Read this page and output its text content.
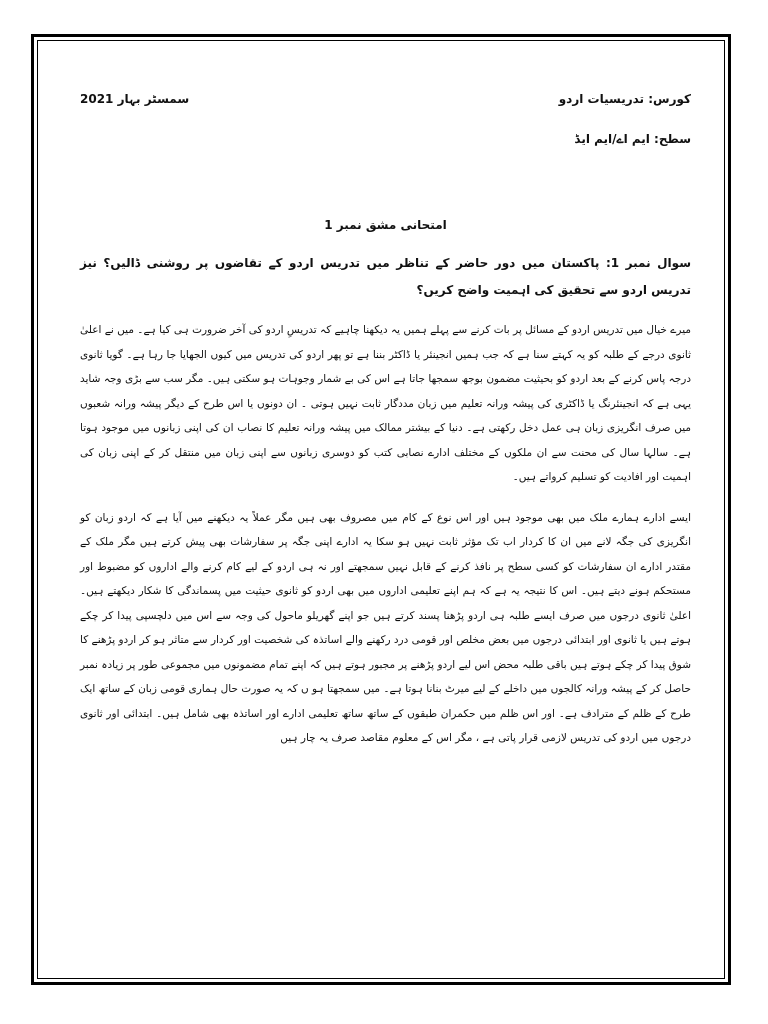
کورس: تدریسیات اردو
سمسٹر بہار 2021
سطح: ایم اے/ایم ایڈ
امتحانی مشق نمبر 1
سوال نمبر 1: پاکستان میں دور حاضر کے تناظر میں تدریس اردو کے تقاضوں پر روشنی ڈالیں؟ نیز تدریس اردو سے تحقیق کی اہمیت واضح کریں؟

میرے خیال میں تدریس اردو کے مسائل پر بات کرنے سے پہلے ہمیں یہ دیکھنا چاہیے کہ تدریسِ اردو کی آخر ضرورت ہی کیا ہے۔ میں نے اعلیٰ ثانوی درجے کے طلبہ کو یہ کہتے سنا ہے کہ جب ہمیں انجینئر یا ڈاکٹر بننا ہے تو پھر اردو کی تدریس میں کیوں الجھایا جا رہا ہے۔ گویا ثانوی درجہ پاس کرنے کے بعد اردو کو بحیثیت مضمون بوجھ سمجھا جاتا ہے اس کی بے شمار وجوہات ہو سکتی ہیں۔ مگر سب سے بڑی وجہ شاید یہی ہے کہ انجینئرنگ یا ڈاکٹری کی پیشہ ورانہ تعلیم میں زبان مددگار ثابت نہیں ہوتی ۔ ان دونوں یا اس طرح کے دیگر پیشہ ورانہ شعبوں میں صرف انگریزی زبان ہی عمل دخل رکھتی ہے۔ دنیا کے بیشتر ممالک میں پیشہ ورانہ تعلیم کا نصاب ان کی اپنی زبانوں میں موجود ہوتا ہے۔ سالہا سال کی محنت سے ان ملکوں کے مختلف ادارے نصابی کتب کو دوسری زبانوں سے اپنی زبان میں منتقل کر کے اپنی زبان کی اہمیت اور افادیت کو تسلیم کرواتے ہیں۔

ایسے ادارے ہمارے ملک میں بھی موجود ہیں اور اس نوع کے کام میں مصروف بھی ہیں مگر عملاً یہ دیکھنے میں آیا ہے کہ اردو زبان کو انگریزی کی جگہ لانے میں ان کا کردار اب تک مؤثر ثابت نہیں ہو سکا یہ ادارے اپنی جگہ پر سفارشات بھی پیش کرتے ہیں مگر ملک کے مقتدر ادارے ان سفارشات کو کسی سطح پر نافذ کرنے کے قابل نہیں سمجھتے اور نہ ہی اردو کے لیے کام کرنے والے اداروں کو مضبوط اور مستحکم ہونے دیتے ہیں۔ اس کا نتیجہ یہ ہے کہ ہم اپنے تعلیمی اداروں میں بھی اردو کو ثانوی حیثیت میں پسماندگی کا شکار دیکھتے ہیں۔ اعلیٰ ثانوی درجوں میں صرف ایسے طلبہ ہی اردو پڑھنا پسند کرتے ہیں جو اپنے گھریلو ماحول کی وجہ سے اس میں دلچسپی پیدا کر چکے ہوتے ہیں یا ثانوی اور ابتدائی درجوں میں بعض مخلص اور قومی درد رکھنے والے اساتذہ کی شخصیت اور کردار سے متاثر ہو کر اردو پڑھنے کا شوق پیدا کر چکے ہوتے ہیں باقی طلبہ محض اس لیے اردو پڑھنے پر مجبور ہوتے ہیں کہ اپنے تمام مضمونوں میں مجموعی طور پر زیادہ نمبر حاصل کر کے پیشہ ورانہ کالجوں میں داخلے کے لیے میرٹ بنانا ہوتا ہے۔ میں سمجھتا ہو ں کہ یہ صورت حال ہماری قومی زبان کے ساتھ ایک طرح کے ظلم کے مترادف ہے۔ اور اس ظلم میں حکمران طبقوں کے ساتھ ساتھ تعلیمی ادارے اور اساتذہ بھی شامل ہیں۔ ابتدائی اور ثانوی درجوں میں اردو کی تدریس لازمی قرار پاتی ہے ، مگر اس کے معلوم مقاصد صرف یہ چار ہیں
